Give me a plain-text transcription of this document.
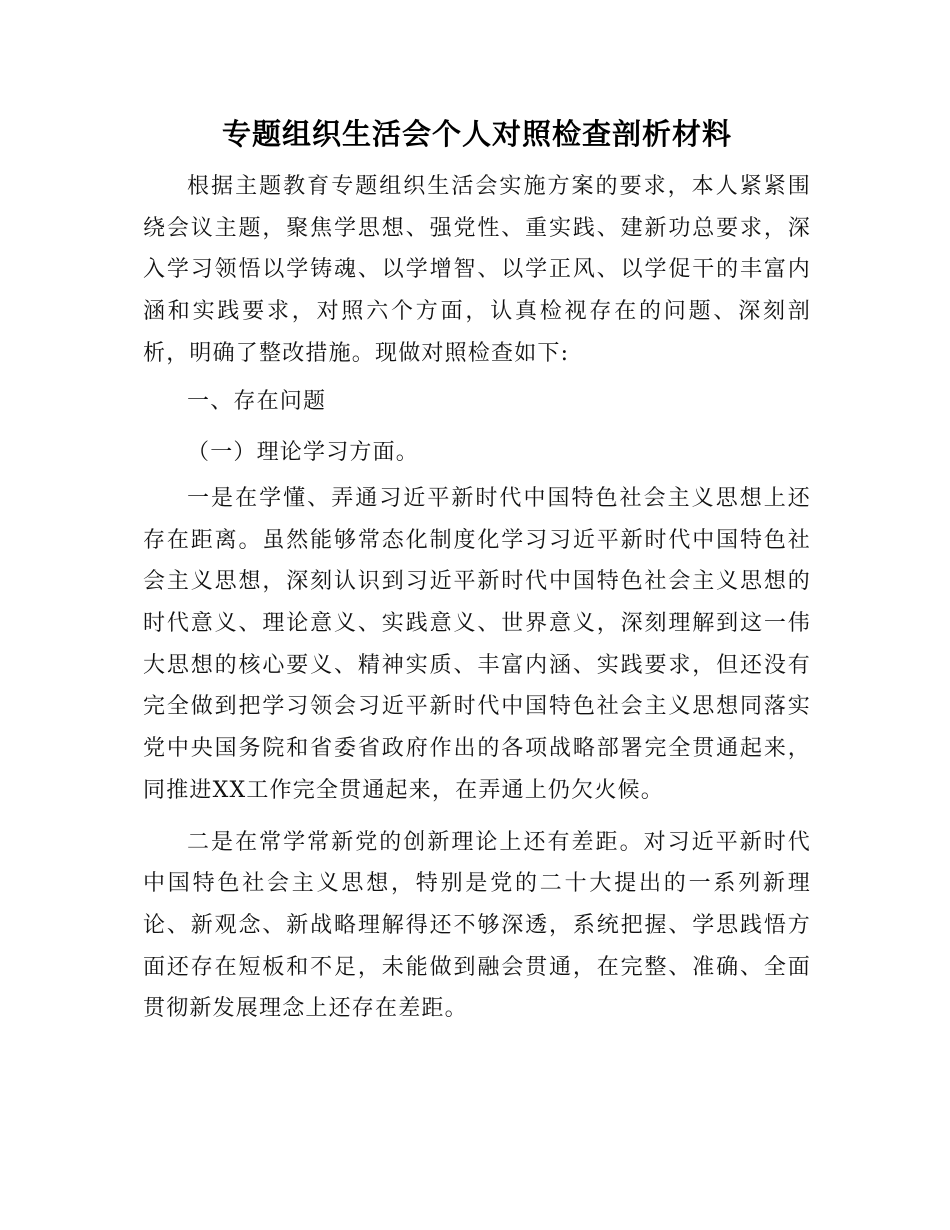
专题组织生活会个人对照检查剖析材料

根据主题教育专题组织生活会实施方案的要求，本人紧紧围绕会议主题，聚焦学思想、强党性、重实践、建新功总要求，深入学习领悟以学铸魂、以学增智、以学正风、以学促干的丰富内涵和实践要求，对照六个方面，认真检视存在的问题、深刻剖析，明确了整改措施。现做对照检查如下:

一、存在问题

（一）理论学习方面。

一是在学懂、弄通习近平新时代中国特色社会主义思想上还存在距离。虽然能够常态化制度化学习习近平新时代中国特色社会主义思想，深刻认识到习近平新时代中国特色社会主义思想的时代意义、理论意义、实践意义、世界意义，深刻理解到这一伟大思想的核心要义、精神实质、丰富内涵、实践要求，但还没有完全做到把学习领会习近平新时代中国特色社会主义思想同落实党中央国务院和省委省政府作出的各项战略部署完全贯通起来，同推进XX工作完全贯通起来，在弄通上仍欠火候。

二是在常学常新党的创新理论上还有差距。对习近平新时代中国特色社会主义思想，特别是党的二十大提出的一系列新理论、新观念、新战略理解得还不够深透，系统把握、学思践悟方面还存在短板和不足，未能做到融会贯通，在完整、准确、全面贯彻新发展理念上还存在差距。
